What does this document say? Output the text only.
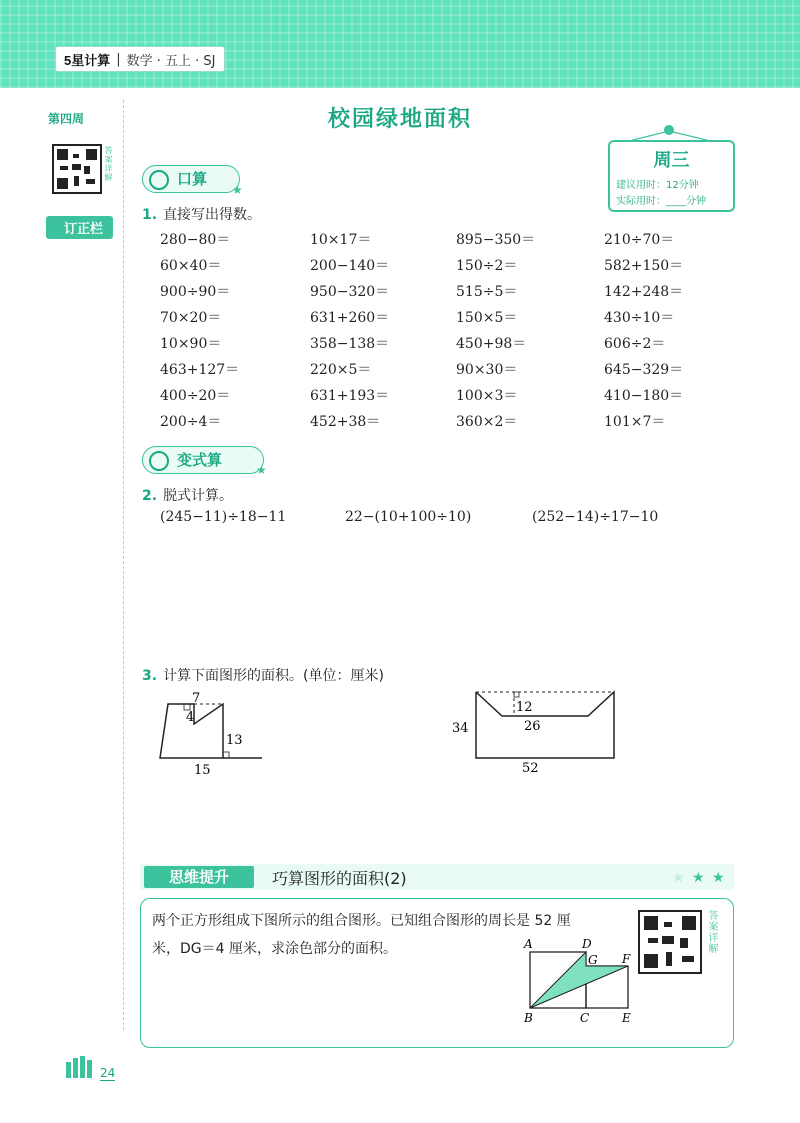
5星计算 | 数学 · 五上 · SJ
第四周
答案详解
订正栏
校园绿地面积
周三
建议用时：12分钟
实际用时：____分钟
口算
★
1. 直接写出得数。
280−80＝	10×17＝	895−350＝	210÷70＝
60×40＝	200−140＝	150÷2＝	582+150＝
900÷90＝	950−320＝	515÷5＝	142+248＝
70×20＝	631+260＝	150×5＝	430÷10＝
10×90＝	358−138＝	450+98＝	606÷2＝
463+127＝	220×5＝	90×30＝	645−329＝
400÷20＝	631+193＝	100×3＝	410−180＝
200÷4＝	452+38＝	360×2＝	101×7＝
变式算
★
2. 脱式计算。
(245−11)÷18−11	22−(10+100÷10)	(252−14)÷17−10
3. 计算下面图形的面积。(单位：厘米)
7
4
13
15
34
12
26
52
思维提升	巧算图形的面积(2)	★ ★ ★
两个正方形组成下图所示的组合图形。已知组合图形的周长是 52 厘
米，DG＝4 厘米，求涂色部分的面积。	A	D
G F
B	C	E
答案详解
24
